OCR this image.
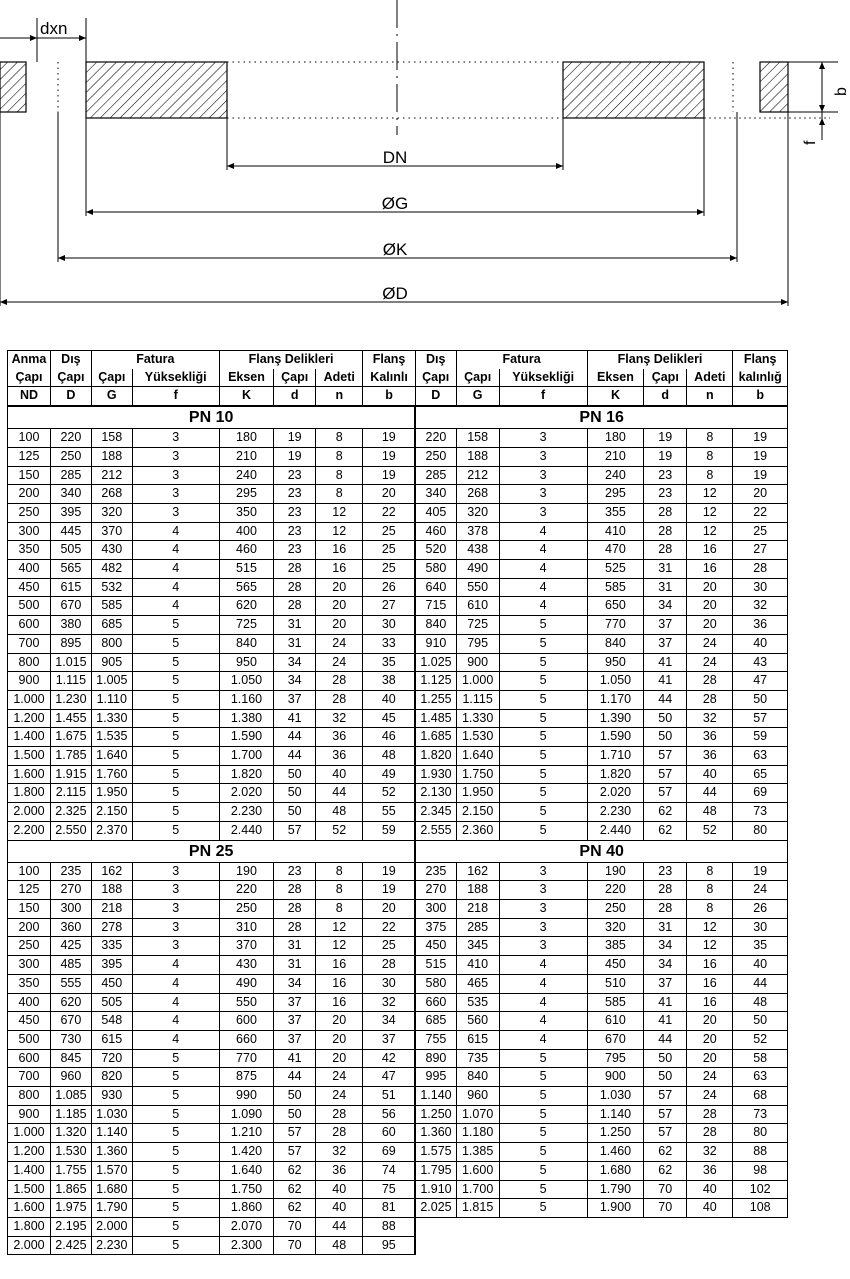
dxn
DN
ØG
ØK
ØD
b
f
Anma	Dış	Fatura		Flanş Delikleri			Flanş	Dış	Fatura		Flanş Delikleri			Flanş
Çapı	Çapı	Çapı	Yüksekliği	Eksen	Çapı	Adeti	Kalınlı	Çapı	Çapı	Yüksekliği	Eksen	Çapı	Adeti	kalınlığ
ND	D	G	f	K	d	n	b	D	G	f	K	d	n	b
PN 10								PN 16						
100	220	158	3	180	19	8	19	220	158	3	180	19	8	19
125	250	188	3	210	19	8	19	250	188	3	210	19	8	19
150	285	212	3	240	23	8	19	285	212	3	240	23	8	19
200	340	268	3	295	23	8	20	340	268	3	295	23	12	20
250	395	320	3	350	23	12	22	405	320	3	355	28	12	22
300	445	370	4	400	23	12	25	460	378	4	410	28	12	25
350	505	430	4	460	23	16	25	520	438	4	470	28	16	27
400	565	482	4	515	28	16	25	580	490	4	525	31	16	28
450	615	532	4	565	28	20	26	640	550	4	585	31	20	30
500	670	585	4	620	28	20	27	715	610	4	650	34	20	32
600	380	685	5	725	31	20	30	840	725	5	770	37	20	36
700	895	800	5	840	31	24	33	910	795	5	840	37	24	40
800	1.015	905	5	950	34	24	35	1.025	900	5	950	41	24	43
900	1.115	1.005	5	1.050	34	28	38	1.125	1.000	5	1.050	41	28	47
1.000	1.230	1.110	5	1.160	37	28	40	1.255	1.115	5	1.170	44	28	50
1.200	1.455	1.330	5	1.380	41	32	45	1.485	1.330	5	1.390	50	32	57
1.400	1.675	1.535	5	1.590	44	36	46	1.685	1.530	5	1.590	50	36	59
1.500	1.785	1.640	5	1.700	44	36	48	1.820	1.640	5	1.710	57	36	63
1.600	1.915	1.760	5	1.820	50	40	49	1.930	1.750	5	1.820	57	40	65
1.800	2.115	1.950	5	2.020	50	44	52	2.130	1.950	5	2.020	57	44	69
2.000	2.325	2.150	5	2.230	50	48	55	2.345	2.150	5	2.230	62	48	73
2.200	2.550	2.370	5	2.440	57	52	59	2.555	2.360	5	2.440	62	52	80
PN 25								PN 40						
100	235	162	3	190	23	8	19	235	162	3	190	23	8	19
125	270	188	3	220	28	8	19	270	188	3	220	28	8	24
150	300	218	3	250	28	8	20	300	218	3	250	28	8	26
200	360	278	3	310	28	12	22	375	285	3	320	31	12	30
250	425	335	3	370	31	12	25	450	345	3	385	34	12	35
300	485	395	4	430	31	16	28	515	410	4	450	34	16	40
350	555	450	4	490	34	16	30	580	465	4	510	37	16	44
400	620	505	4	550	37	16	32	660	535	4	585	41	16	48
450	670	548	4	600	37	20	34	685	560	4	610	41	20	50
500	730	615	4	660	37	20	37	755	615	4	670	44	20	52
600	845	720	5	770	41	20	42	890	735	5	795	50	20	58
700	960	820	5	875	44	24	47	995	840	5	900	50	24	63
800	1.085	930	5	990	50	24	51	1.140	960	5	1.030	57	24	68
900	1.185	1.030	5	1.090	50	28	56	1.250	1.070	5	1.140	57	28	73
1.000	1.320	1.140	5	1.210	57	28	60	1.360	1.180	5	1.250	57	28	80
1.200	1.530	1.360	5	1.420	57	32	69	1.575	1.385	5	1.460	62	32	88
1.400	1.755	1.570	5	1.640	62	36	74	1.795	1.600	5	1.680	62	36	98
1.500	1.865	1.680	5	1.750	62	40	75	1.910	1.700	5	1.790	70	40	102
1.600	1.975	1.790	5	1.860	62	40	81	2.025	1.815	5	1.900	70	40	108
1.800	2.195	2.000	5	2.070	70	44	88							
2.000	2.425	2.230	5	2.300	70	48	95							
